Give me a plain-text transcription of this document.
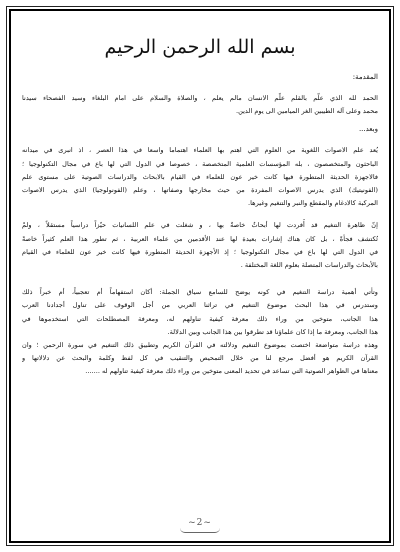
بسم الله الرحمن الرحيم
المقدمة:
الحمد لله الذي علّم بالقلم علّم الانسان مالم يعلم ، والصلاة والسلام على امام البلغاء وسيد الفصحاء سيدنا
محمد وعلى آله الطيبين الغر الميامين الى يوم الدين.
وبعد...
يُعد علم الاصوات اللغوية من العلوم التي اهتم بها العلماء اهتماما واسعا في هذا العصر ، اذ انبرى في ميدانه
الباحثون والمتخصصون ، بله المؤسسات العلمية المتخصصة ، خصوصا في الدول التي لها باع في مجال التكنولوجيا ؛
فالاجهزة الحديثة المتطورة فيها كانت خير عون للعلماء في القيام بالابحاث والدراسات الصوتية على مستوى علم
(الفونيتيك) الذي يدرس الاصوات المفردة من حيث مخارجها وصفاتها ، وعلم (الفونولوجيا) الذي يدرس الاصوات
المركبة كالادغام والمقطع والنبر والتنغيم وغيرها.
إنّ ظاهرة التنغيم قد أُفردت لها أبحاثٌ خاصةٌ بها ، و شغلت في علم اللسانيات حيّزاً دراسياً مستقلاً ، ولمْ
تُكتشف فجأةً ، بل كان هناك إشارات بعيدة لها عند الأقدمين من علماء العربية ، ثم تطور هذا العلم كثيراً خاصةً
في الدول التي لها باع في مجال التكنولوجيا ؛ إذ الأجهزة الحديثة المتطورة فيها كانت خير عون للعلماء في القيام
بالأبحاث والدراسات المتصلة بعلوم اللغة المختلفة .
وتأتي أهمية دراسة التنغيم في كونه يوضح للسامع سياق الجملة: أكان استفهاماً أم تعجبياً، أم خبراً ذلك
وستدرس في هذا البحث موضوع التنغيم في تراثنا العربي من أجل الوقوف على تناول أجدادنا العرب
هذا الجانب، متوخين من وراء ذلك معرفة كيفية تناولهم له، ومعرفة المصطلحات التي استخدموها في
هذا الجانب، ومعرفة ما إذا كان علماؤنا قد تطرقوا بين هذا الجانب وبين الدلالة.
وهذه دراسة متواضعة اختصت بموضوع التنغيم ودلالته في القرآن الكريم وتطبيق ذلك التنغيم في سورة الرحمن ؛ وان
القرآن الكريم هو أفضل مرجع لنا من خلال التمحيص والتنقيب في كل لفظ وكلمة والبحث عن دلالاتها و
معناها في الظواهر الصوتية التي تساعد في تحديد المعنى متوخين من وراء ذلك معرفة كيفية تناولهم له .......
~2~
